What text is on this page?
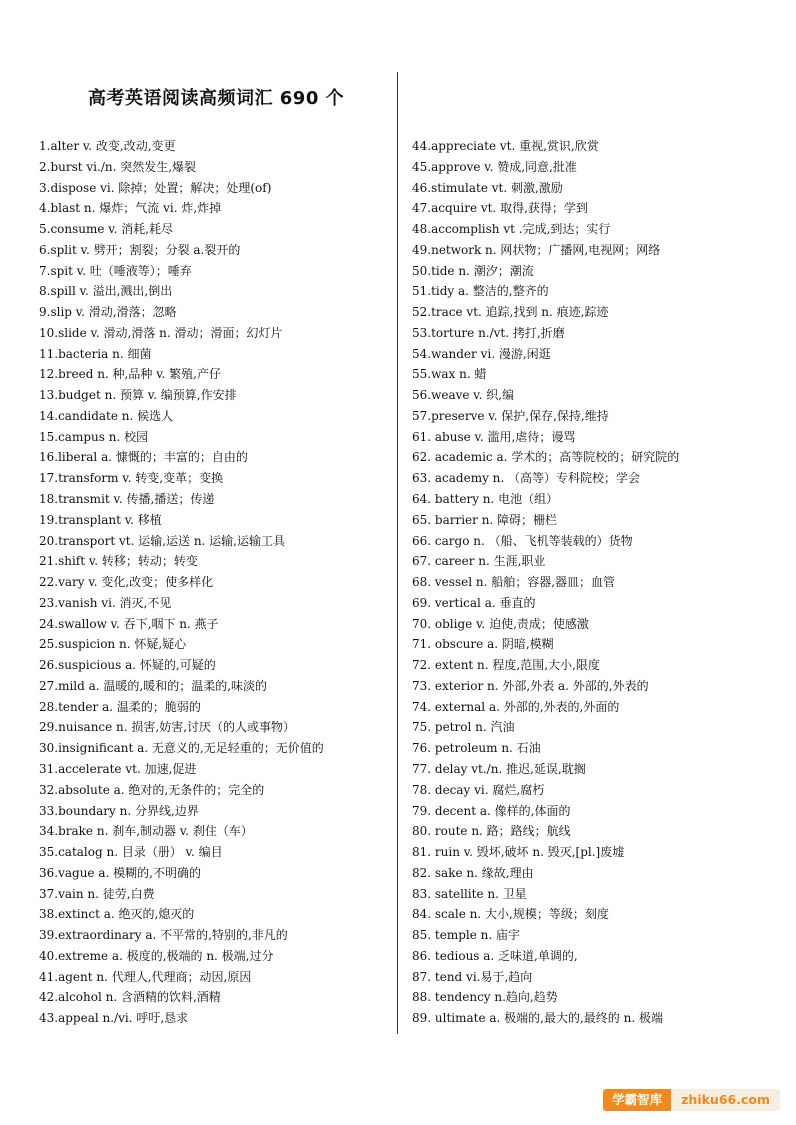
高考英语阅读高频词汇 690 个
1.alter v. 改变,改动,变更
2.burst vi./n. 突然发生,爆裂
3.dispose vi. 除掉；处置；解决；处理(of)
4.blast n. 爆炸；气流 vi. 炸,炸掉
5.consume v. 消耗,耗尽
6.split v. 劈开；割裂；分裂 a.裂开的
7.spit v. 吐（唾液等）；唾弃
8.spill v. 溢出,溅出,倒出
9.slip v. 滑动,滑落；忽略
10.slide v. 滑动,滑落 n. 滑动；滑面；幻灯片
11.bacteria n. 细菌
12.breed n. 种,品种 v. 繁殖,产仔
13.budget n. 预算 v. 编预算,作安排
14.candidate n. 候选人
15.campus n. 校园
16.liberal a. 慷慨的；丰富的；自由的
17.transform v. 转变,变革；变换
18.transmit v. 传播,播送；传递
19.transplant v. 移植
20.transport vt. 运输,运送 n. 运输,运输工具
21.shift v. 转移；转动；转变
22.vary v. 变化,改变；使多样化
23.vanish vi. 消灭,不见
24.swallow v. 吞下,咽下 n. 燕子
25.suspicion n. 怀疑,疑心
26.suspicious a. 怀疑的,可疑的
27.mild a. 温暖的,暖和的；温柔的,味淡的
28.tender a. 温柔的；脆弱的
29.nuisance n. 损害,妨害,讨厌（的人或事物）
30.insignificant a. 无意义的,无足轻重的；无价值的
31.accelerate vt. 加速,促进
32.absolute a. 绝对的,无条件的；完全的
33.boundary n. 分界线,边界
34.brake n. 刹车,制动器 v. 刹住（车）
35.catalog n. 目录（册） v. 编目
36.vague a. 模糊的,不明确的
37.vain n. 徒劳,白费
38.extinct a. 绝灭的,熄灭的
39.extraordinary a. 不平常的,特别的,非凡的
40.extreme a. 极度的,极端的 n. 极端,过分
41.agent n. 代理人,代理商；动因,原因
42.alcohol n. 含酒精的饮料,酒精
43.appeal n./vi. 呼吁,恳求
44.appreciate vt. 重视,赏识,欣赏
45.approve v. 赞成,同意,批准
46.stimulate vt. 刺激,激励
47.acquire vt. 取得,获得；学到
48.accomplish vt .完成,到达；实行
49.network n. 网状物；广播网,电视网；网络
50.tide n. 潮汐；潮流
51.tidy a. 整洁的,整齐的
52.trace vt. 追踪,找到 n. 痕迹,踪迹
53.torture n./vt. 拷打,折磨
54.wander vi. 漫游,闲逛
55.wax n. 蜡
56.weave v. 织,编
57.preserve v. 保护,保存,保持,维持
61. abuse v. 滥用,虐待；谩骂
62. academic a. 学术的；高等院校的；研究院的
63. academy n. （高等）专科院校；学会
64. battery n. 电池（组）
65. barrier n. 障碍；栅栏
66. cargo n. （船、飞机等装载的）货物
67. career n. 生涯,职业
68. vessel n. 船舶；容器,器皿；血管
69. vertical a. 垂直的
70. oblige v. 迫使,责成；使感激
71. obscure a. 阴暗,模糊
72. extent n. 程度,范围,大小,限度
73. exterior n. 外部,外表 a. 外部的,外表的
74. external a. 外部的,外表的,外面的
75. petrol n. 汽油
76. petroleum n. 石油
77. delay vt./n. 推迟,延误,耽搁
78. decay vi. 腐烂,腐朽
79. decent a. 像样的,体面的
80. route n. 路；路线；航线
81. ruin v. 毁坏,破坏 n. 毁灭,[pl.]废墟
82. sake n. 缘故,理由
83. satellite n. 卫星
84. scale n. 大小,规模；等级；刻度
85. temple n. 庙宇
86. tedious a. 乏味道,单调的,
87. tend vi.易于,趋向
88. tendency n.趋向,趋势
89. ultimate a. 极端的,最大的,最终的 n. 极端
学霸智库	zhiku66.com
